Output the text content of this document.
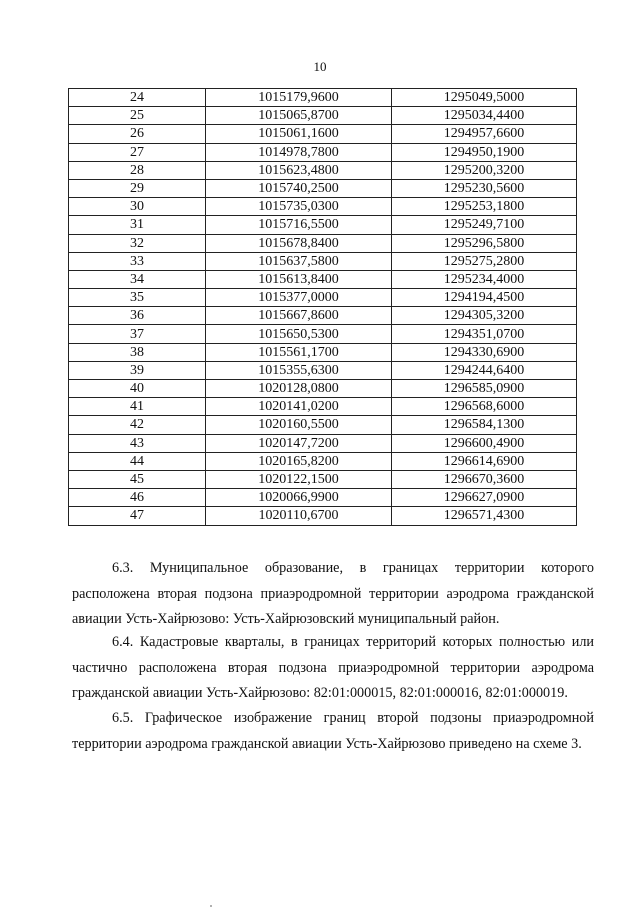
10
24	1015179,9600	1295049,5000
25	1015065,8700	1295034,4400
26	1015061,1600	1294957,6600
27	1014978,7800	1294950,1900
28	1015623,4800	1295200,3200
29	1015740,2500	1295230,5600
30	1015735,0300	1295253,1800
31	1015716,5500	1295249,7100
32	1015678,8400	1295296,5800
33	1015637,5800	1295275,2800
34	1015613,8400	1295234,4000
35	1015377,0000	1294194,4500
36	1015667,8600	1294305,3200
37	1015650,5300	1294351,0700
38	1015561,1700	1294330,6900
39	1015355,6300	1294244,6400
40	1020128,0800	1296585,0900
41	1020141,0200	1296568,6000
42	1020160,5500	1296584,1300
43	1020147,7200	1296600,4900
44	1020165,8200	1296614,6900
45	1020122,1500	1296670,3600
46	1020066,9900	1296627,0900
47	1020110,6700	1296571,4300

6.3. Муниципальное образование, в границах территории которого расположена вторая подзона приаэродромной территории аэродрома гражданской авиации Усть-Хайрюзово: Усть-Хайрюзовский муниципальный район.

6.4. Кадастровые кварталы, в границах территорий которых полностью или частично расположена вторая подзона приаэродромной территории аэродрома гражданской авиации Усть-Хайрюзово: 82:01:000015, 82:01:000016, 82:01:000019.

6.5. Графическое изображение границ второй подзоны приаэродромной территории аэродрома гражданской авиации Усть-Хайрюзово приведено на схеме 3.
